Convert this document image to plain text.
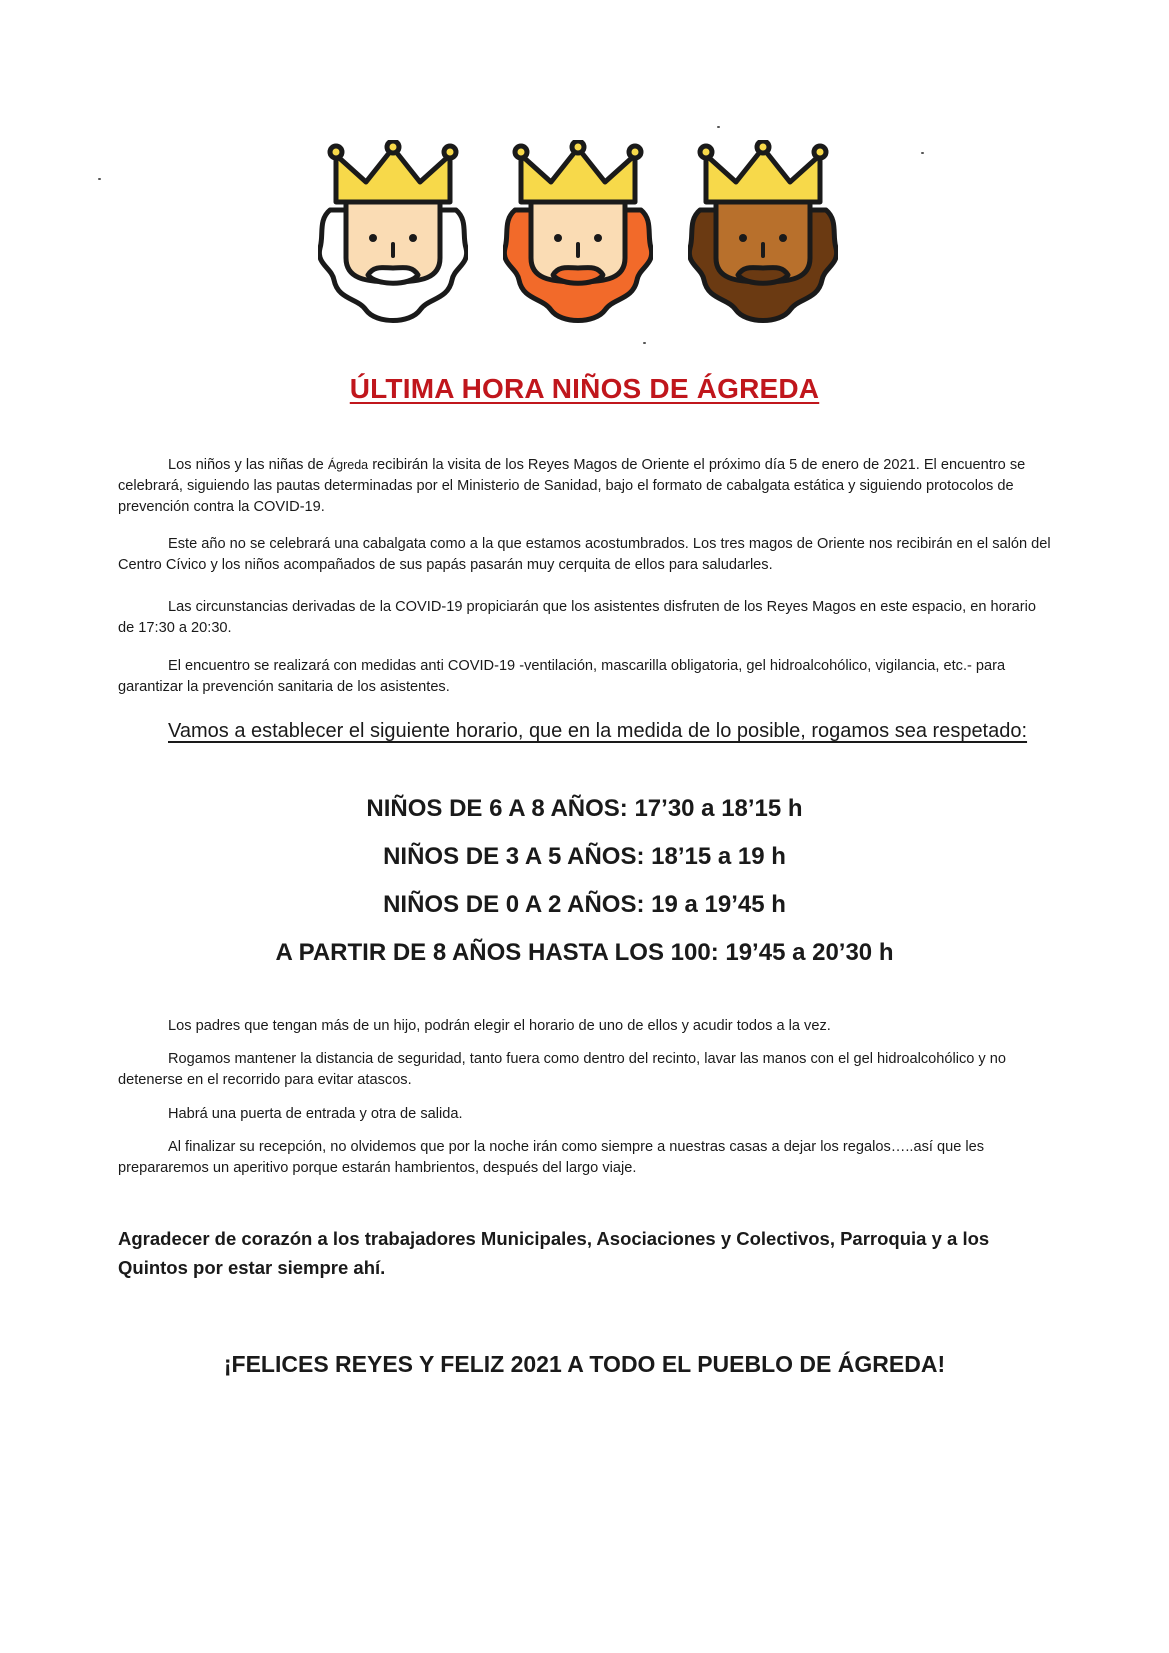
ÚLTIMA HORA NIÑOS DE ÁGREDA

Los niños y las niñas de Ágreda recibirán la visita de los Reyes Magos de Oriente el próximo día 5 de enero de 2021. El encuentro se celebrará, siguiendo las pautas determinadas por el Ministerio de Sanidad, bajo el formato de cabalgata estática y siguiendo protocolos de prevención contra la COVID-19.

Este año no se celebrará una cabalgata como a la que estamos acostumbrados. Los tres magos de Oriente nos recibirán en el salón del Centro Cívico y los niños acompañados de sus papás pasarán muy cerquita de ellos para saludarles.

Las circunstancias derivadas de la COVID-19 propiciarán que los asistentes disfruten de los Reyes Magos en este espacio, en horario de 17:30 a 20:30.

El encuentro se realizará con medidas anti COVID-19 -ventilación, mascarilla obligatoria, gel hidroalcohólico, vigilancia, etc.- para garantizar la prevención sanitaria de los asistentes.

Vamos a establecer el siguiente horario, que en la medida de lo posible, rogamos sea respetado:
NIÑOS DE 6 A 8 AÑOS: 17’30 a 18’15 h
NIÑOS DE 3 A 5 AÑOS: 18’15 a 19 h
NIÑOS DE 0 A 2 AÑOS: 19 a 19’45 h
A PARTIR DE 8 AÑOS HASTA LOS 100: 19’45 a 20’30 h

Los padres que tengan más de un hijo, podrán elegir el horario de uno de ellos y acudir todos a la vez.

Rogamos mantener la distancia de seguridad, tanto fuera como dentro del recinto, lavar las manos con el gel hidroalcohólico y no detenerse en el recorrido para evitar atascos.

Habrá una puerta de entrada y otra de salida.

Al finalizar su recepción, no olvidemos que por la noche irán como siempre a nuestras casas a dejar los regalos…..así que les prepararemos un aperitivo porque estarán hambrientos, después del largo viaje.

Agradecer de corazón a los trabajadores Municipales, Asociaciones y Colectivos, Parroquia y a los Quintos por estar siempre ahí.

¡FELICES REYES Y FELIZ 2021 A TODO EL PUEBLO DE ÁGREDA!
